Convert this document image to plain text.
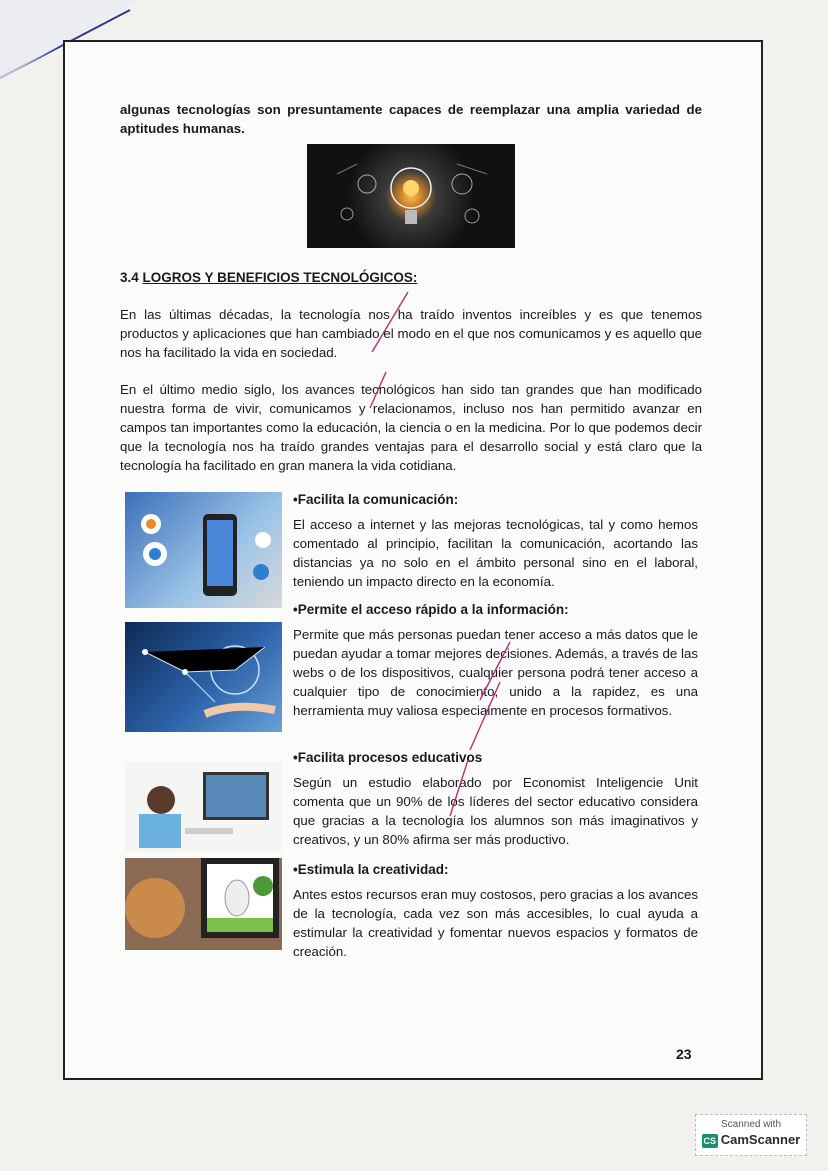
algunas tecnologías son presuntamente capaces de reemplazar una amplia variedad de aptitudes humanas.

3.4 LOGROS Y BENEFICIOS TECNOLÓGICOS:

En las últimas décadas, la tecnología nos ha traído inventos increíbles y es que tenemos productos y aplicaciones que han cambiado el modo en el que nos comunicamos y es aquello que nos ha facilitado la vida en sociedad.

En el último medio siglo, los avances tecnológicos han sido tan grandes que han modificado nuestra forma de vivir, comunicamos y relacionamos, incluso nos han permitido avanzar en campos tan importantes como la educación, la ciencia o en la medicina. Por lo que podemos decir que la tecnología nos ha traído grandes ventajas para el desarrollo social y está claro que la tecnología ha facilitado en gran manera la vida cotidiana.

•Facilita la comunicación:

El acceso a internet y las mejoras tecnológicas, tal y como hemos comentado al principio, facilitan la comunicación, acortando las distancias ya no solo en el ámbito personal sino en el laboral, teniendo un impacto directo en la economía.

•Permite el acceso rápido a la información:

Permite que más personas puedan tener acceso a más datos que le puedan ayudar a tomar mejores decisiones. Además, a través de las webs o de los dispositivos, cualquier persona podrá tener acceso a cualquier tipo de conocimiento, unido a la rapidez, es una herramienta muy valiosa especialmente en procesos formativos.

•Facilita procesos educativos

Según un estudio elaborado por Economist Inteligencie Unit comenta que un 90% de los líderes del sector educativo considera que gracias a la tecnología los alumnos son más imaginativos y creativos, y un 80% afirma ser más productivo.

•Estimula la creatividad:

Antes estos recursos eran muy costosos, pero gracias a los avances de la tecnología, cada vez son más accesibles, lo cual ayuda a estimular la creatividad y fomentar nuevos espacios y formatos de creación.

23
Scanned with
CS CamScanner
